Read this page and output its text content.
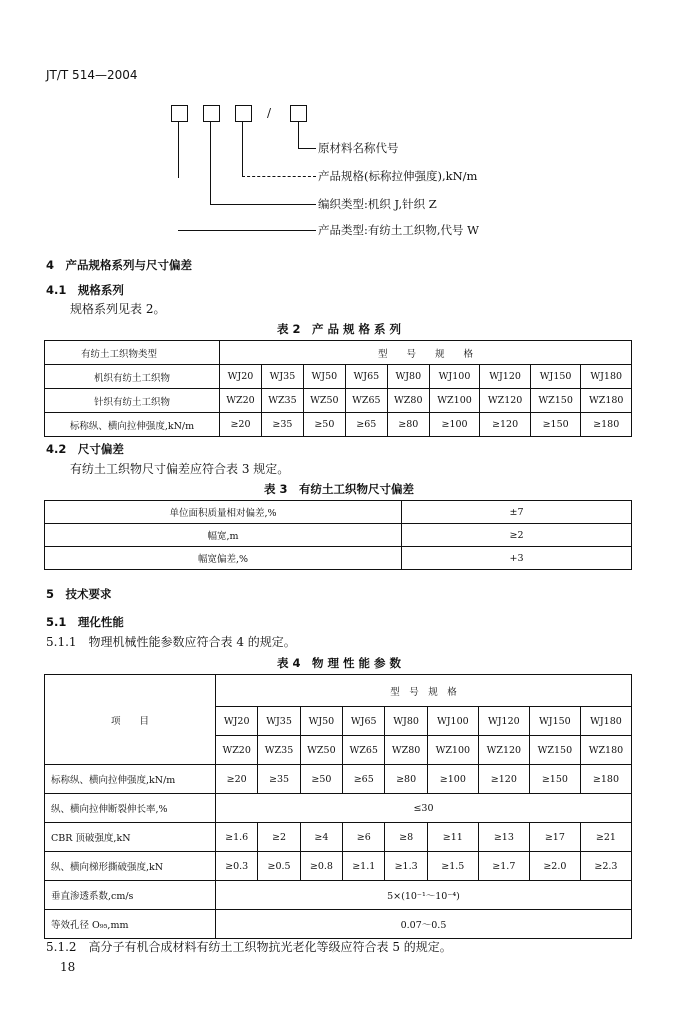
JT/T 514—2004
/
原材料名称代号
产品规格(标称拉伸强度),kN/m
编织类型:机织 J,针织 Z
产品类型:有纺土工织物,代号 W
4　产品规格系列与尺寸偏差
4.1　规格系列
规格系列见表 2。
表 2　产 品 规 格 系 列
有纺土工织物类型	型　　号　　规　　格								
机织有纺土工织物	WJ20	WJ35	WJ50	WJ65	WJ80	WJ100	WJ120	WJ150	WJ180
针织有纺土工织物	WZ20	WZ35	WZ50	WZ65	WZ80	WZ100	WZ120	WZ150	WZ180
标称纵、横向拉伸强度,kN/m	≥20	≥35	≥50	≥65	≥80	≥100	≥120	≥150	≥180
4.2　尺寸偏差
有纺土工织物尺寸偏差应符合表 3 规定。
表 3　有纺土工织物尺寸偏差
单位面积质量相对偏差,%	±7
幅宽,m	≥2
幅宽偏差,%	+3
5　技术要求
5.1　理化性能
5.1.1　物理机械性能参数应符合表 4 的规定。
表 4　物 理 性 能 参 数
项　　目	型　号　规　格								
	WJ20	WJ35	WJ50	WJ65	WJ80	WJ100	WJ120	WJ150	WJ180
	WZ20	WZ35	WZ50	WZ65	WZ80	WZ100	WZ120	WZ150	WZ180
标称纵、横向拉伸强度,kN/m	≥20	≥35	≥50	≥65	≥80	≥100	≥120	≥150	≥180
纵、横向拉伸断裂伸长率,%	≤30								
CBR 顶破强度,kN	≥1.6	≥2	≥4	≥6	≥8	≥11	≥13	≥17	≥21
纵、横向梯形撕破强度,kN	≥0.3	≥0.5	≥0.8	≥1.1	≥1.3	≥1.5	≥1.7	≥2.0	≥2.3
垂直渗透系数,cm/s	5×(10⁻¹～10⁻⁴)								
等效孔径 O₉₅,mm	0.07～0.5								
5.1.2　高分子有机合成材料有纺土工织物抗光老化等级应符合表 5 的规定。
18
